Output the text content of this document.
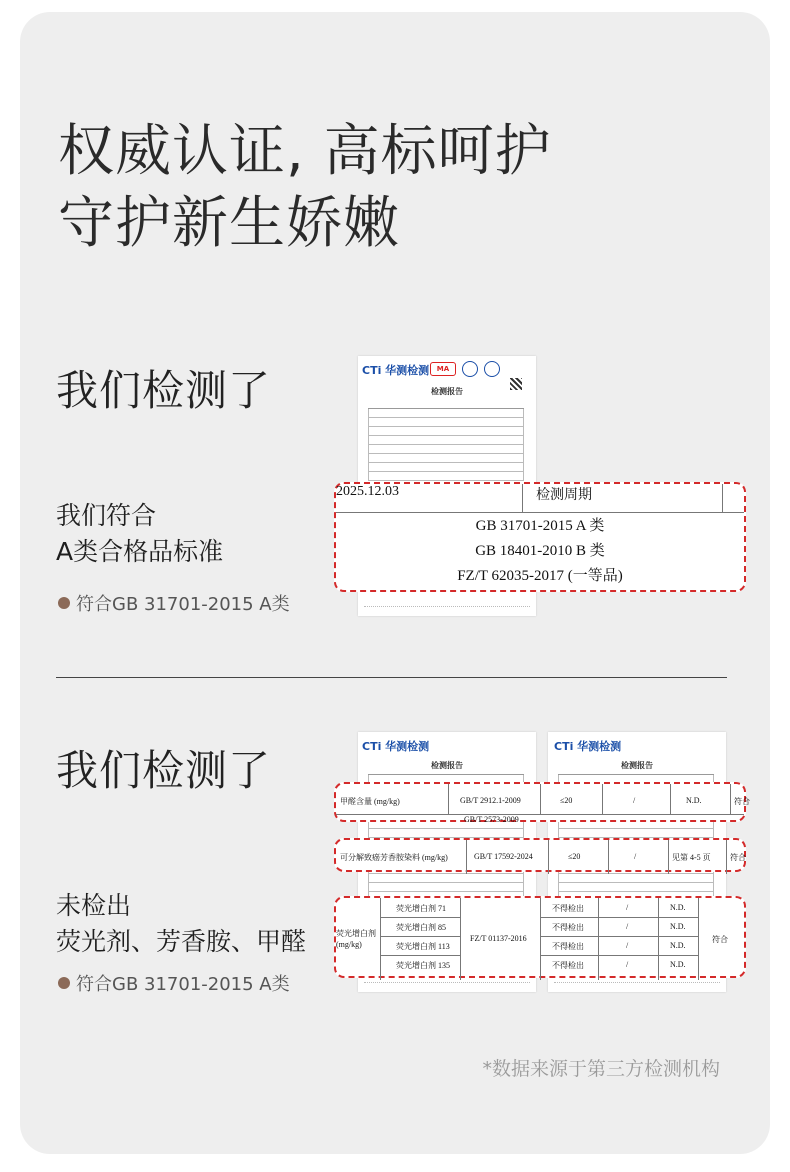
权威认证, 高标呵护
守护新生娇嫩
我们检测了
我们符合
A类合格品标准
符合GB 31701-2015 A类
CTi 华测检测	MA
检测报告
2025.12.03	检测周期
GB 31701-2015 A 类
GB 18401-2010 B 类
FZ/T 62035-2017 (一等品)
我们检测了
未检出
荧光剂、芳香胺、甲醛
符合GB 31701-2015 A类
CTi 华测检测
检测报告
CTi 华测检测
检测报告
甲醛含量 (mg/kg)	GB/T 2912.1-2009	≤20	/	N.D.	符合
GB/T 2573-2009
可分解致癌芳香胺染料 (mg/kg)	GB/T 17592-2024	≤20	/	见第 4-5 页 符合
荧光增白剂
(mg/kg)
FZ/T 01137-2016	符合
荧光增白剂 71	不得检出	/	N.D.
荧光增白剂 85	不得检出	/	N.D.
荧光增白剂 113	不得检出	/	N.D.
荧光增白剂 135	不得检出	/	N.D.
*数据来源于第三方检测机构
